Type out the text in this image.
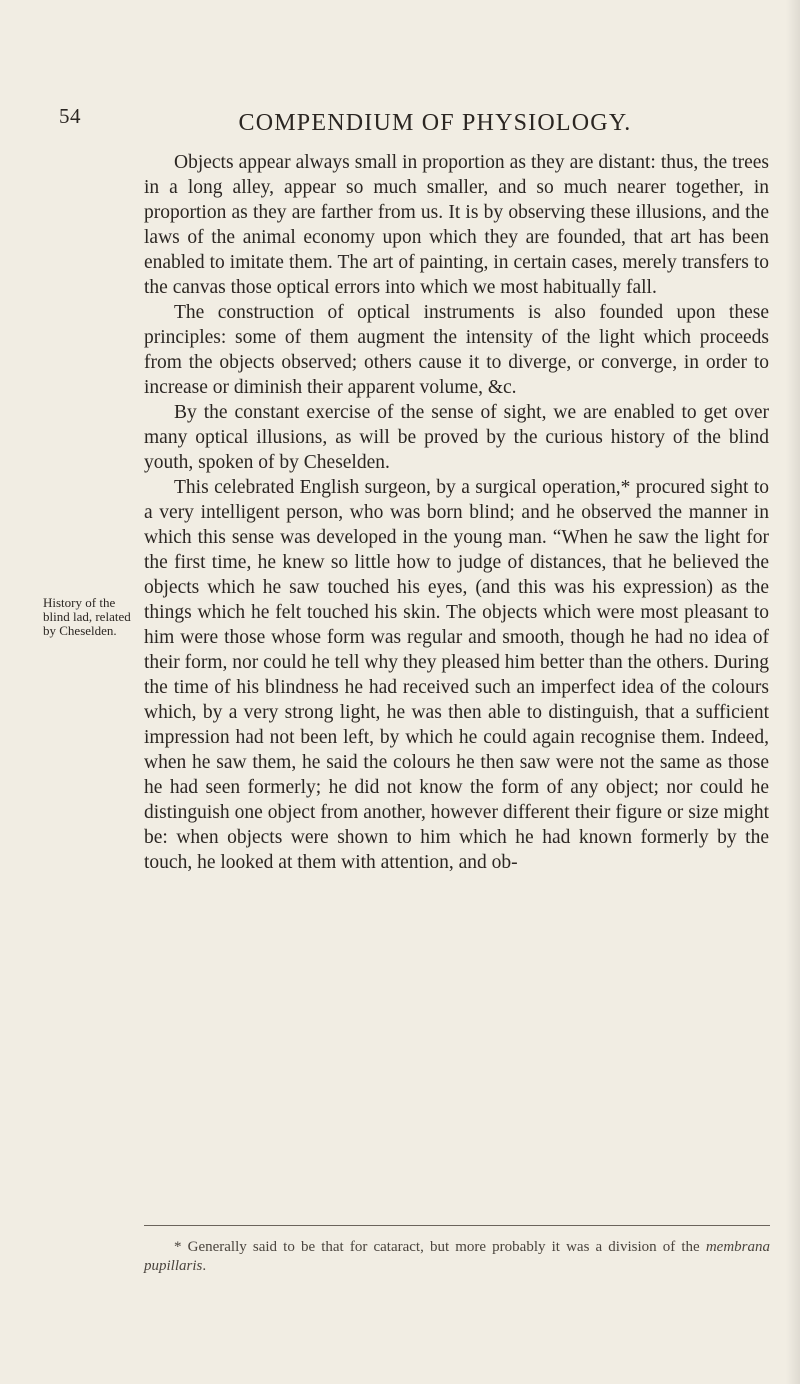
54	COMPENDIUM OF PHYSIOLOGY.
History of the blind lad, related by Cheselden.

Objects appear always small in proportion as they are distant: thus, the trees in a long alley, appear so much smaller, and so much nearer together, in proportion as they are farther from us. It is by observing these illusions, and the laws of the animal economy upon which they are founded, that art has been enabled to imitate them. The art of painting, in certain cases, merely transfers to the canvas those optical errors into which we most habitually fall.

The construction of optical instruments is also founded upon these principles: some of them augment the intensity of the light which proceeds from the objects observed; others cause it to diverge, or converge, in order to increase or diminish their apparent volume, &c.

By the constant exercise of the sense of sight, we are enabled to get over many optical illusions, as will be proved by the curious history of the blind youth, spoken of by Cheselden.

This celebrated English surgeon, by a surgical operation,* procured sight to a very intelligent person, who was born blind; and he observed the manner in which this sense was developed in the young man. “When he saw the light for the first time, he knew so little how to judge of distances, that he believed the objects which he saw touched his eyes, (and this was his expression) as the things which he felt touched his skin. The objects which were most pleasant to him were those whose form was regular and smooth, though he had no idea of their form, nor could he tell why they pleased him better than the others. During the time of his blindness he had received such an imperfect idea of the colours which, by a very strong light, he was then able to distinguish, that a sufficient impression had not been left, by which he could again recognise them. Indeed, when he saw them, he said the colours he then saw were not the same as those he had seen formerly; he did not know the form of any object; nor could he distinguish one object from another, however different their figure or size might be: when objects were shown to him which he had known formerly by the touch, he looked at them with attention, and ob-

* Generally said to be that for cataract, but more probably it was a division of the membrana pupillaris.
